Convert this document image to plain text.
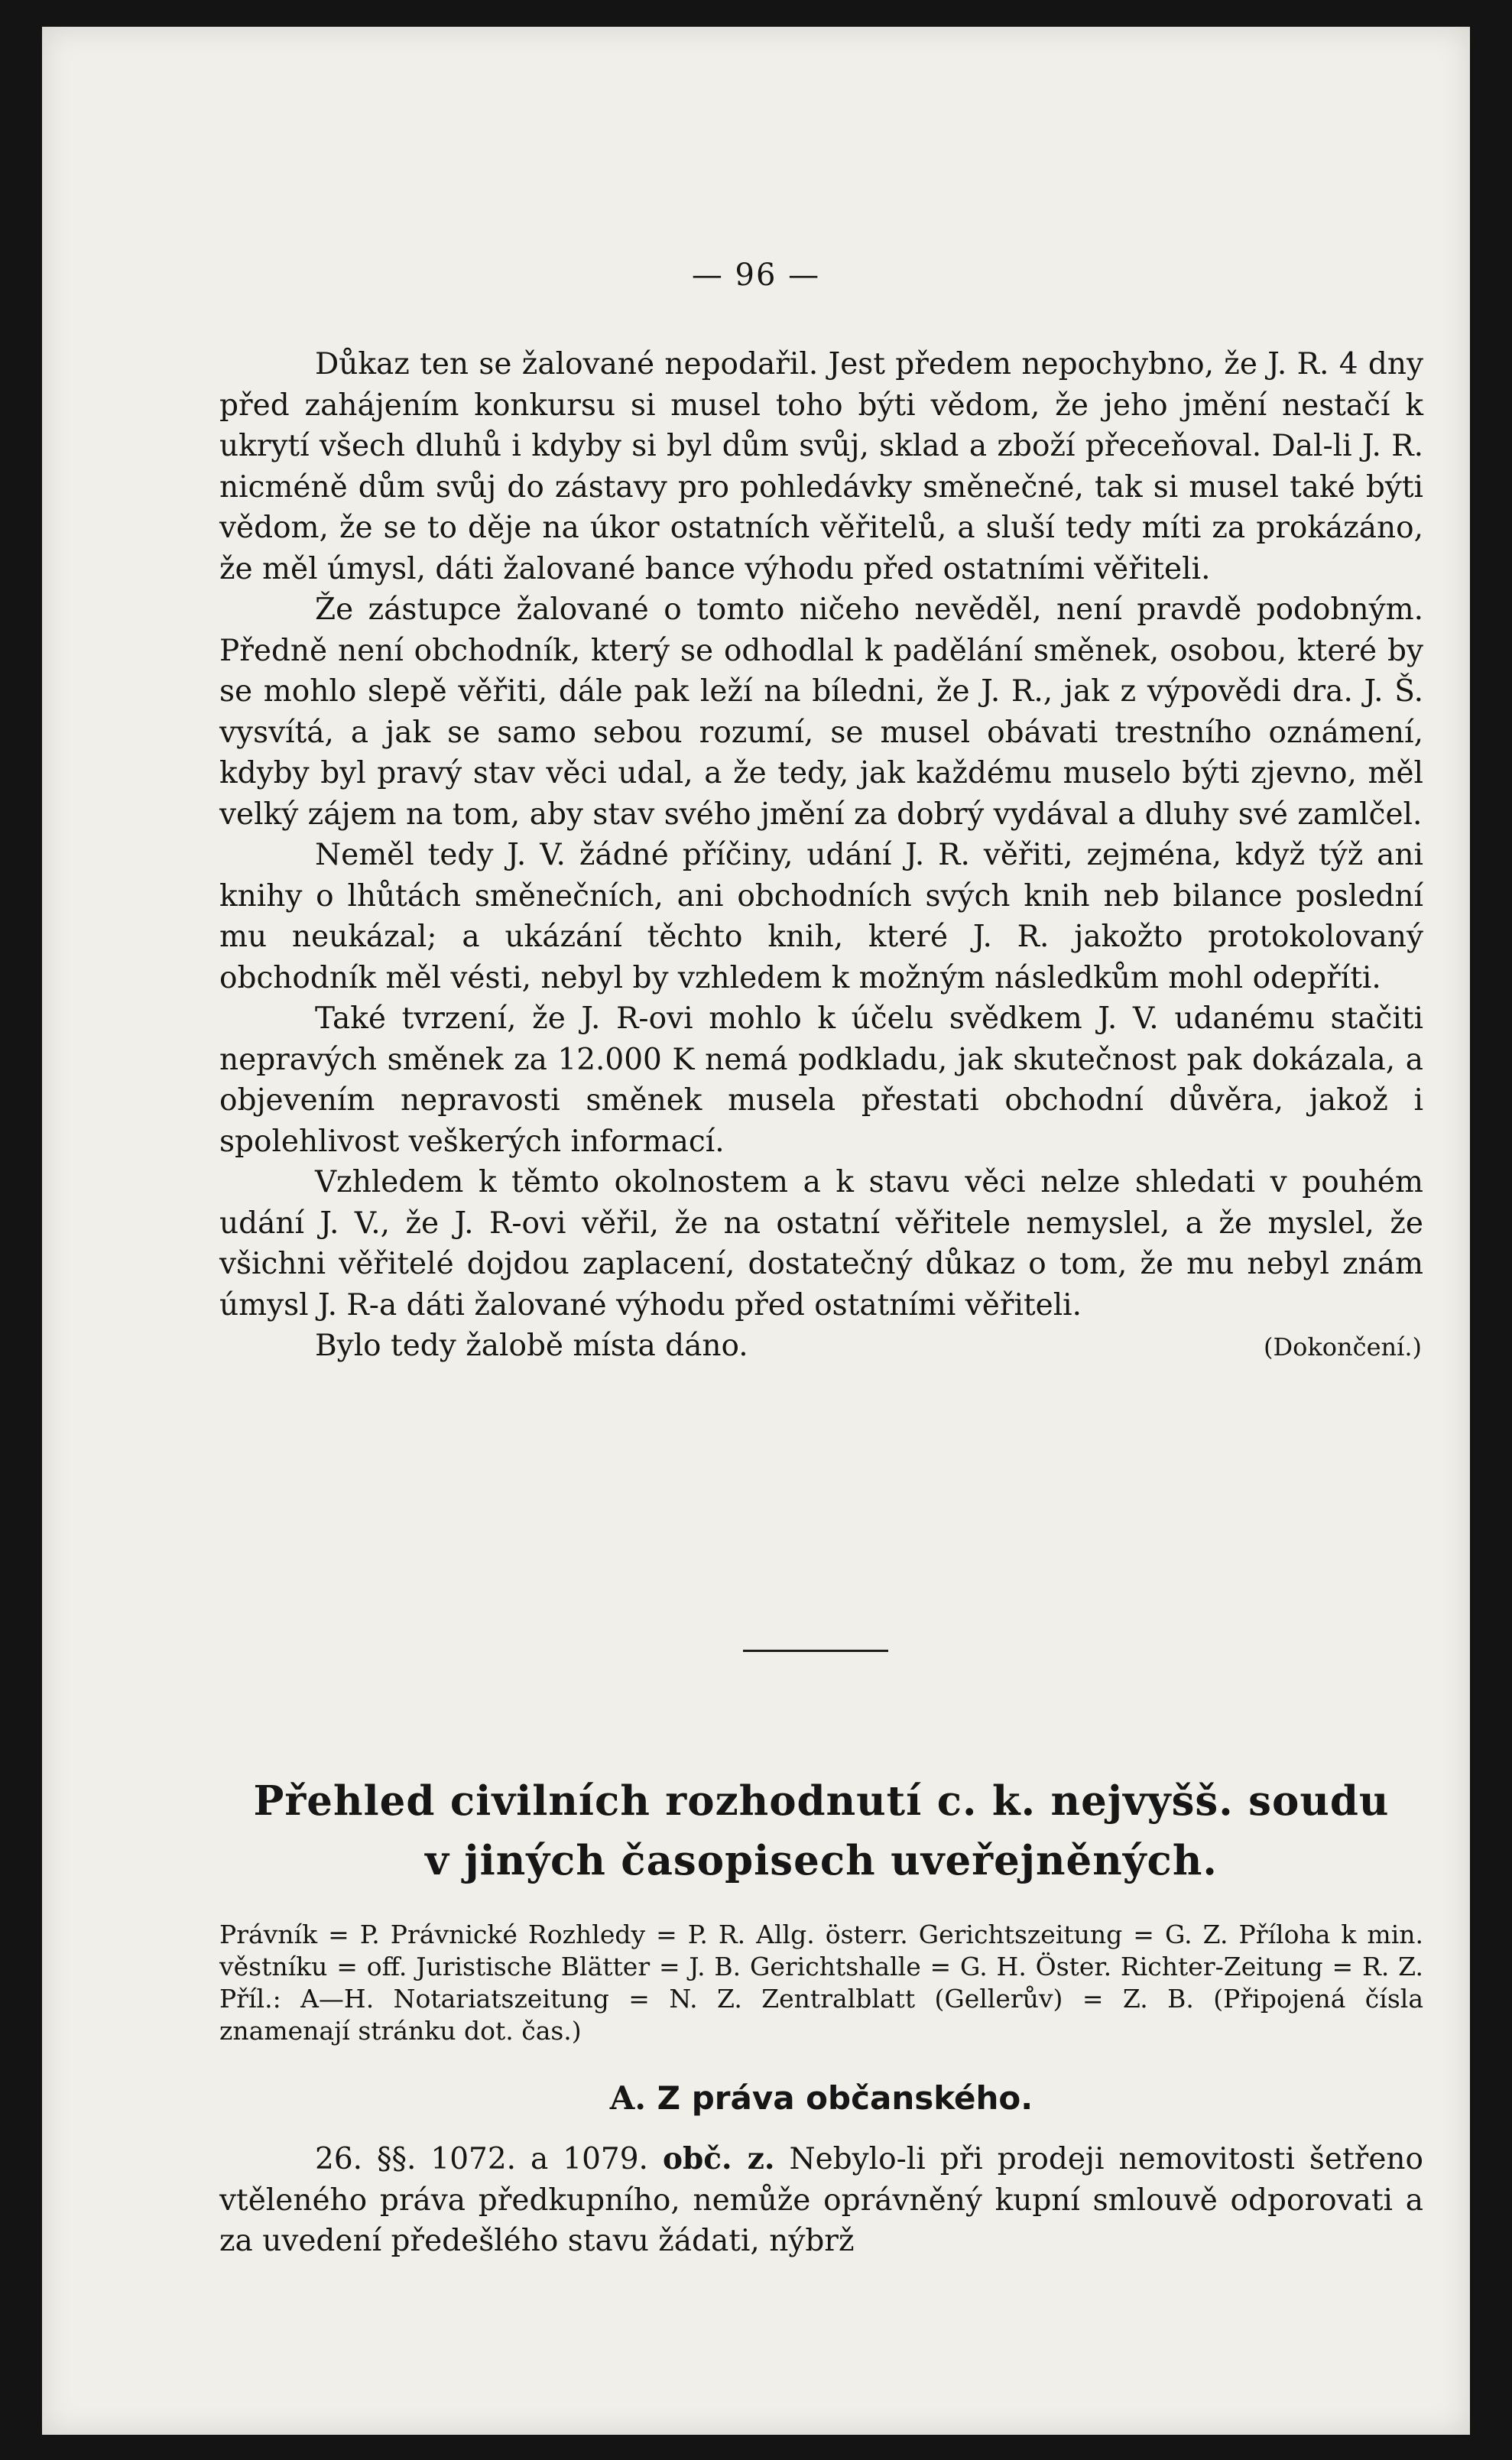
— 96 —

Důkaz ten se žalované nepodařil. Jest předem nepochybno, že J. R. 4 dny před zahájením konkursu si musel toho býti vědom, že jeho jmění nestačí k ukrytí všech dluhů i kdyby si byl dům svůj, sklad a zboží přeceňoval. Dal-li J. R. nicméně dům svůj do zástavy pro pohledávky směnečné, tak si musel také býti vědom, že se to děje na úkor ostatních věřitelů, a sluší tedy míti za prokázáno, že měl úmysl, dáti žalované bance výhodu před ostatními věřiteli.

Že zástupce žalované o tomto ničeho nevěděl, není pravdě podobným. Předně není obchodník, který se odhodlal k padělání směnek, osobou, které by se mohlo slepě věřiti, dále pak leží na bíledni, že J. R., jak z výpovědi dra. J. Š. vysvítá, a jak se samo sebou rozumí, se musel obávati trestního oznámení, kdyby byl pravý stav věci udal, a že tedy, jak každému muselo býti zjevno, měl velký zájem na tom, aby stav svého jmění za dobrý vydával a dluhy své zamlčel.

Neměl tedy J. V. žádné příčiny, udání J. R. věřiti, zejména, když týž ani knihy o lhůtách směnečních, ani obchodních svých knih neb bilance poslední mu neukázal; a ukázání těchto knih, které J. R. jakožto protokolovaný obchodník měl vésti, nebyl by vzhledem k možným následkům mohl odepříti.

Také tvrzení, že J. R-ovi mohlo k účelu svědkem J. V. udanému stačiti nepravých směnek za 12.000 K nemá podkladu, jak skutečnost pak dokázala, a objevením nepravosti směnek musela přestati obchodní důvěra, jakož i spolehlivost veškerých informací.

Vzhledem k těmto okolnostem a k stavu věci nelze shledati v pouhém udání J. V., že J. R-ovi věřil, že na ostatní věřitele nemyslel, a že myslel, že všichni věřitelé dojdou zaplacení, dostatečný důkaz o tom, že mu nebyl znám úmysl J. R-a dáti žalované výhodu před ostatními věřiteli.

Bylo tedy žalobě místa dáno.	(Dokončení.)
Přehled civilních rozhodnutí c. k. nejvyšš. soudu
v jiných časopisech uveřejněných.

Právník = P. Právnické Rozhledy = P. R. Allg. österr. Gerichtszeitung = G. Z. Příloha k min. věstníku = off. Juristische Blätter = J. B. Gerichtshalle = G. H. Öster. Richter-Zeitung = R. Z. Příl.: A—H. Notariatszeitung = N. Z. Zentralblatt (Gellerův) = Z. B. (Připojená čísla znamenají stránku dot. čas.)

A. Z práva občanského.

26. §§. 1072. a 1079. obč. z. Nebylo-li při prodeji nemovitosti šetřeno vtěleného práva předkupního, nemůže oprávněný kupní smlouvě odporovati a za uvedení předešlého stavu žádati, nýbrž
